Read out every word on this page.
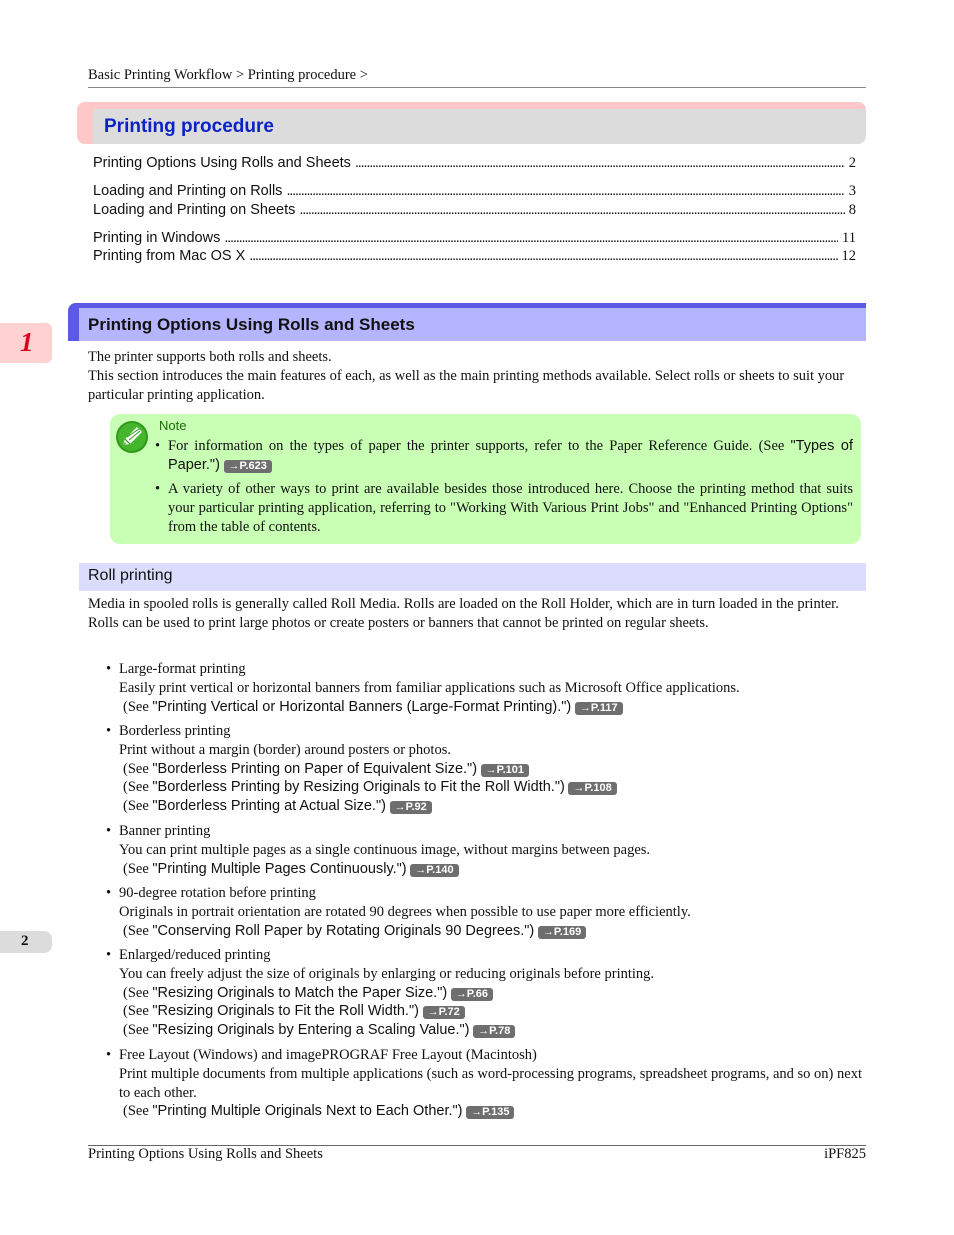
Basic Printing Workflow > Printing procedure >
Printing procedure
Printing Options Using Rolls and Sheets . . .	2
Loading and Printing on Rolls . . .	3
Loading and Printing on Sheets . . .	8
Printing in Windows . . .	11
Printing from Mac OS X . . .	12
1
2
Printing Options Using Rolls and Sheets
The printer supports both rolls and sheets.
This section introduces the main features of each, as well as the main printing methods available. Select rolls or sheets to suit your particular printing application.
Note
• For information on the types of paper the printer supports, refer to the Paper Reference Guide. (See "Types of Paper.") →P.623
• A variety of other ways to print are available besides those introduced here. Choose the printing method that suits your particular printing application, referring to "Working With Various Print Jobs" and "Enhanced Printing Options" from the table of contents.
Roll printing
Media in spooled rolls is generally called Roll Media. Rolls are loaded on the Roll Holder, which are in turn loaded in the printer.
Rolls can be used to print large photos or create posters or banners that cannot be printed on regular sheets.
• Large-format printing
Easily print vertical or horizontal banners from familiar applications such as Microsoft Office applications.
(See "Printing Vertical or Horizontal Banners (Large-Format Printing).") →P.117
• Borderless printing
Print without a margin (border) around posters or photos.
(See "Borderless Printing on Paper of Equivalent Size.") →P.101
(See "Borderless Printing by Resizing Originals to Fit the Roll Width.") →P.108
(See "Borderless Printing at Actual Size.") →P.92
• Banner printing
You can print multiple pages as a single continuous image, without margins between pages.
(See "Printing Multiple Pages Continuously.") →P.140
• 90-degree rotation before printing
Originals in portrait orientation are rotated 90 degrees when possible to use paper more efficiently.
(See "Conserving Roll Paper by Rotating Originals 90 Degrees.") →P.169
• Enlarged/reduced printing
You can freely adjust the size of originals by enlarging or reducing originals before printing.
(See "Resizing Originals to Match the Paper Size.") →P.66
(See "Resizing Originals to Fit the Roll Width.") →P.72
(See "Resizing Originals by Entering a Scaling Value.") →P.78
• Free Layout (Windows) and imagePROGRAF Free Layout (Macintosh)
Print multiple documents from multiple applications (such as word-processing programs, spreadsheet programs, and so on) next to each other.
(See "Printing Multiple Originals Next to Each Other.") →P.135
Printing Options Using Rolls and Sheets	iPF825
